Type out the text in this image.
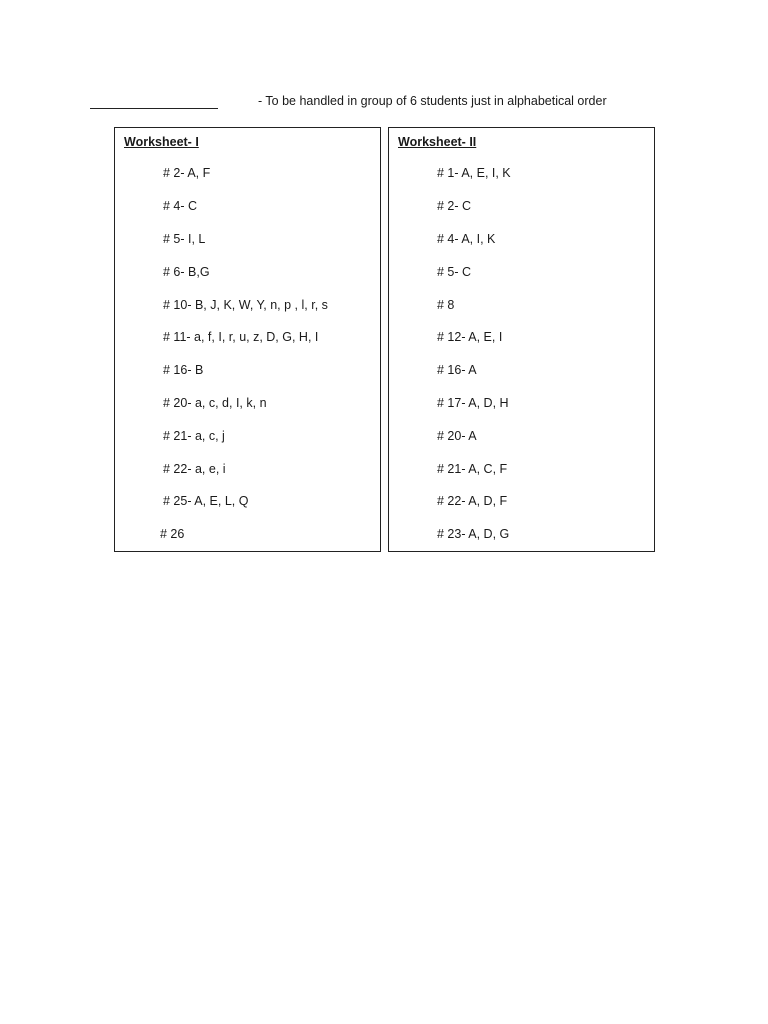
- To be handled in group of 6 students just in alphabetical order
Worksheet- I
# 2- A, F
# 4- C
# 5- I, L
# 6- B,G
# 10- B, J, K, W, Y, n, p , l, r, s
# 11- a, f, I, r, u, z, D, G, H, I
# 16- B
# 20- a, c, d, I, k, n
# 21- a, c, j
# 22- a, e, i
# 25- A, E, L, Q
# 26
Worksheet- II
# 1- A, E, I, K
# 2- C
# 4- A, I, K
# 5- C
# 8
# 12- A, E, I
# 16- A
# 17- A, D, H
# 20- A
# 21- A, C, F
# 22- A, D, F
# 23- A, D, G
